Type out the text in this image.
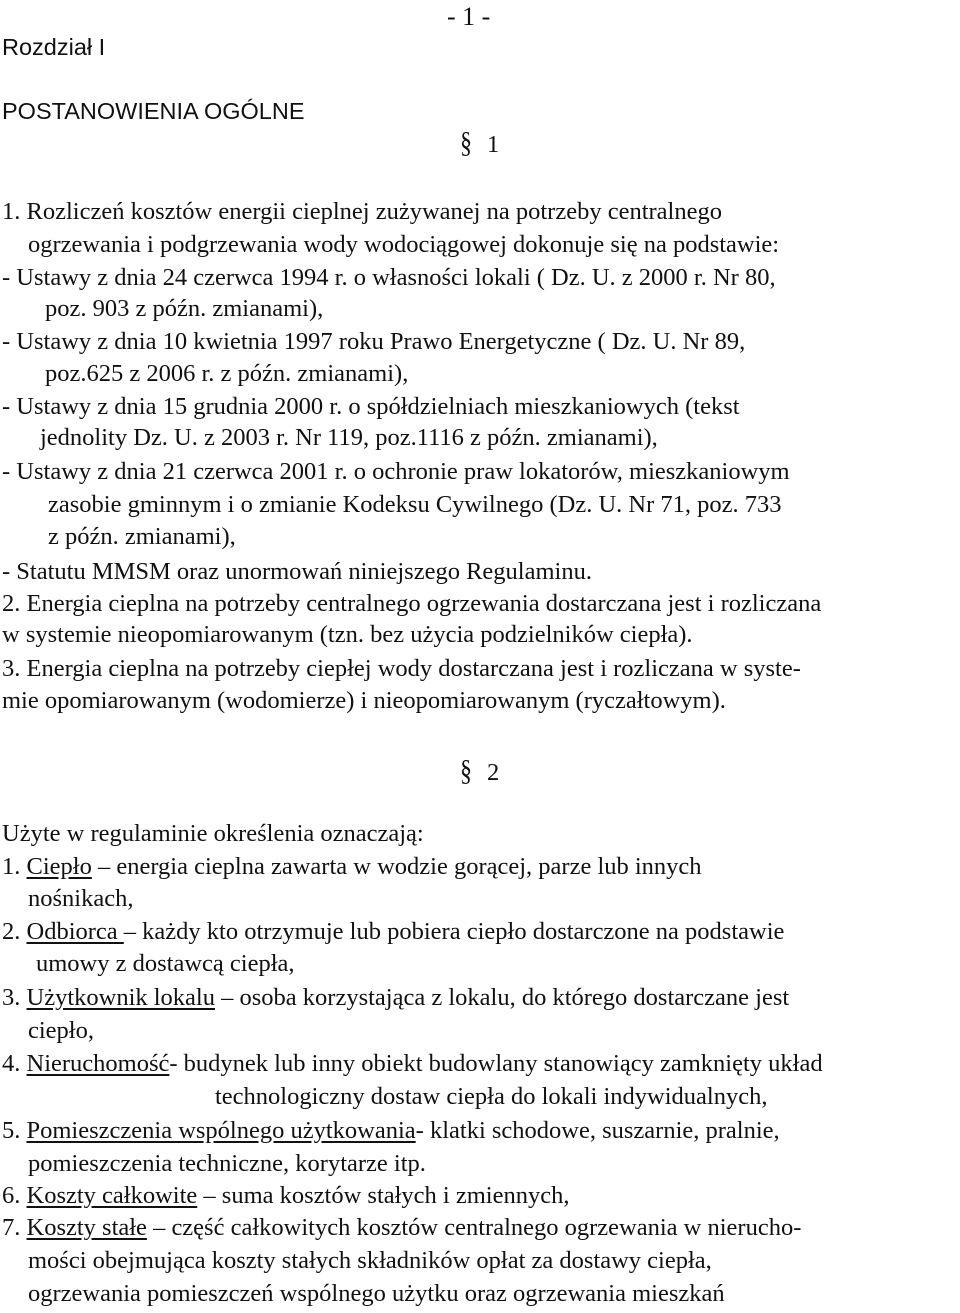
- 1 -
Rozdział I
POSTANOWIENIA OGÓLNE
§ 1
1. Rozliczeń kosztów energii cieplnej zużywanej na potrzeby centralnego
ogrzewania i podgrzewania wody wodociągowej dokonuje się na podstawie:
- Ustawy z dnia 24 czerwca 1994 r. o własności lokali ( Dz. U. z 2000 r. Nr 80,
poz. 903 z późn. zmianami),
- Ustawy z dnia 10 kwietnia 1997 roku Prawo Energetyczne ( Dz. U. Nr 89,
poz.625 z 2006 r. z późn. zmianami),
- Ustawy z dnia 15 grudnia 2000 r. o spółdzielniach mieszkaniowych (tekst
jednolity Dz. U. z 2003 r. Nr 119, poz.1116 z późn. zmianami),
- Ustawy z dnia 21 czerwca 2001 r. o ochronie praw lokatorów, mieszkaniowym
zasobie gminnym i o zmianie Kodeksu Cywilnego (Dz. U. Nr 71, poz. 733
z późn. zmianami),
- Statutu MMSM oraz unormowań niniejszego Regulaminu.
2. Energia cieplna na potrzeby centralnego ogrzewania dostarczana jest i rozliczana
w systemie nieopomiarowanym (tzn. bez użycia podzielników ciepła).
3. Energia cieplna na potrzeby ciepłej wody dostarczana jest i rozliczana w syste-
mie opomiarowanym (wodomierze) i nieopomiarowanym (ryczałtowym).
§ 2
Użyte w regulaminie określenia oznaczają:
1. Ciepło – energia cieplna zawarta w wodzie gorącej, parze lub innych
nośnikach,
2. Odbiorca – każdy kto otrzymuje lub pobiera ciepło dostarczone na podstawie
umowy z dostawcą ciepła,
3. Użytkownik lokalu – osoba korzystająca z lokalu, do którego dostarczane jest
ciepło,
4. Nieruchomość- budynek lub inny obiekt budowlany stanowiący zamknięty układ
technologiczny dostaw ciepła do lokali indywidualnych,
5. Pomieszczenia wspólnego użytkowania- klatki schodowe, suszarnie, pralnie,
pomieszczenia techniczne, korytarze itp.
6. Koszty całkowite – suma kosztów stałych i zmiennych,
7. Koszty stałe – część całkowitych kosztów centralnego ogrzewania w nierucho-
mości obejmująca koszty stałych składników opłat za dostawy ciepła,
ogrzewania pomieszczeń wspólnego użytku oraz ogrzewania mieszkań
